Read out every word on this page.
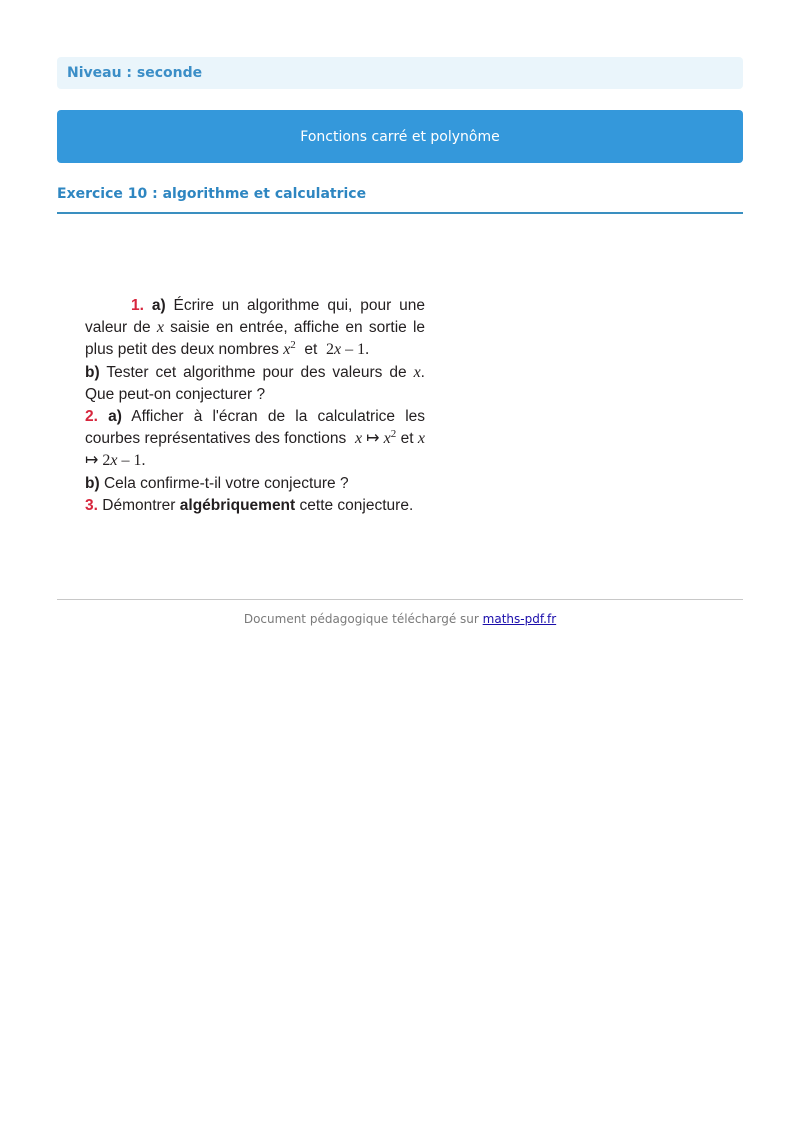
Niveau : seconde
Fonctions carré et polynôme
Exercice 10 : algorithme et calculatrice

1. a) Écrire un algorithme qui, pour une valeur de x saisie en entrée, affiche en sortie le plus petit des deux nombres $x^2$ et 2x – 1.

b) Tester cet algorithme pour des valeurs de x. Que peut-on conjecturer ?

2. a) Afficher à l'écran de la calculatrice les courbes représentatives des fonctions x ↦ $x^2$ et x ↦ 2x – 1.

b) Cela confirme-t-il votre conjecture ?

3. Démontrer algébriquement cette conjecture.

Document pédagogique téléchargé sur maths-pdf.fr
